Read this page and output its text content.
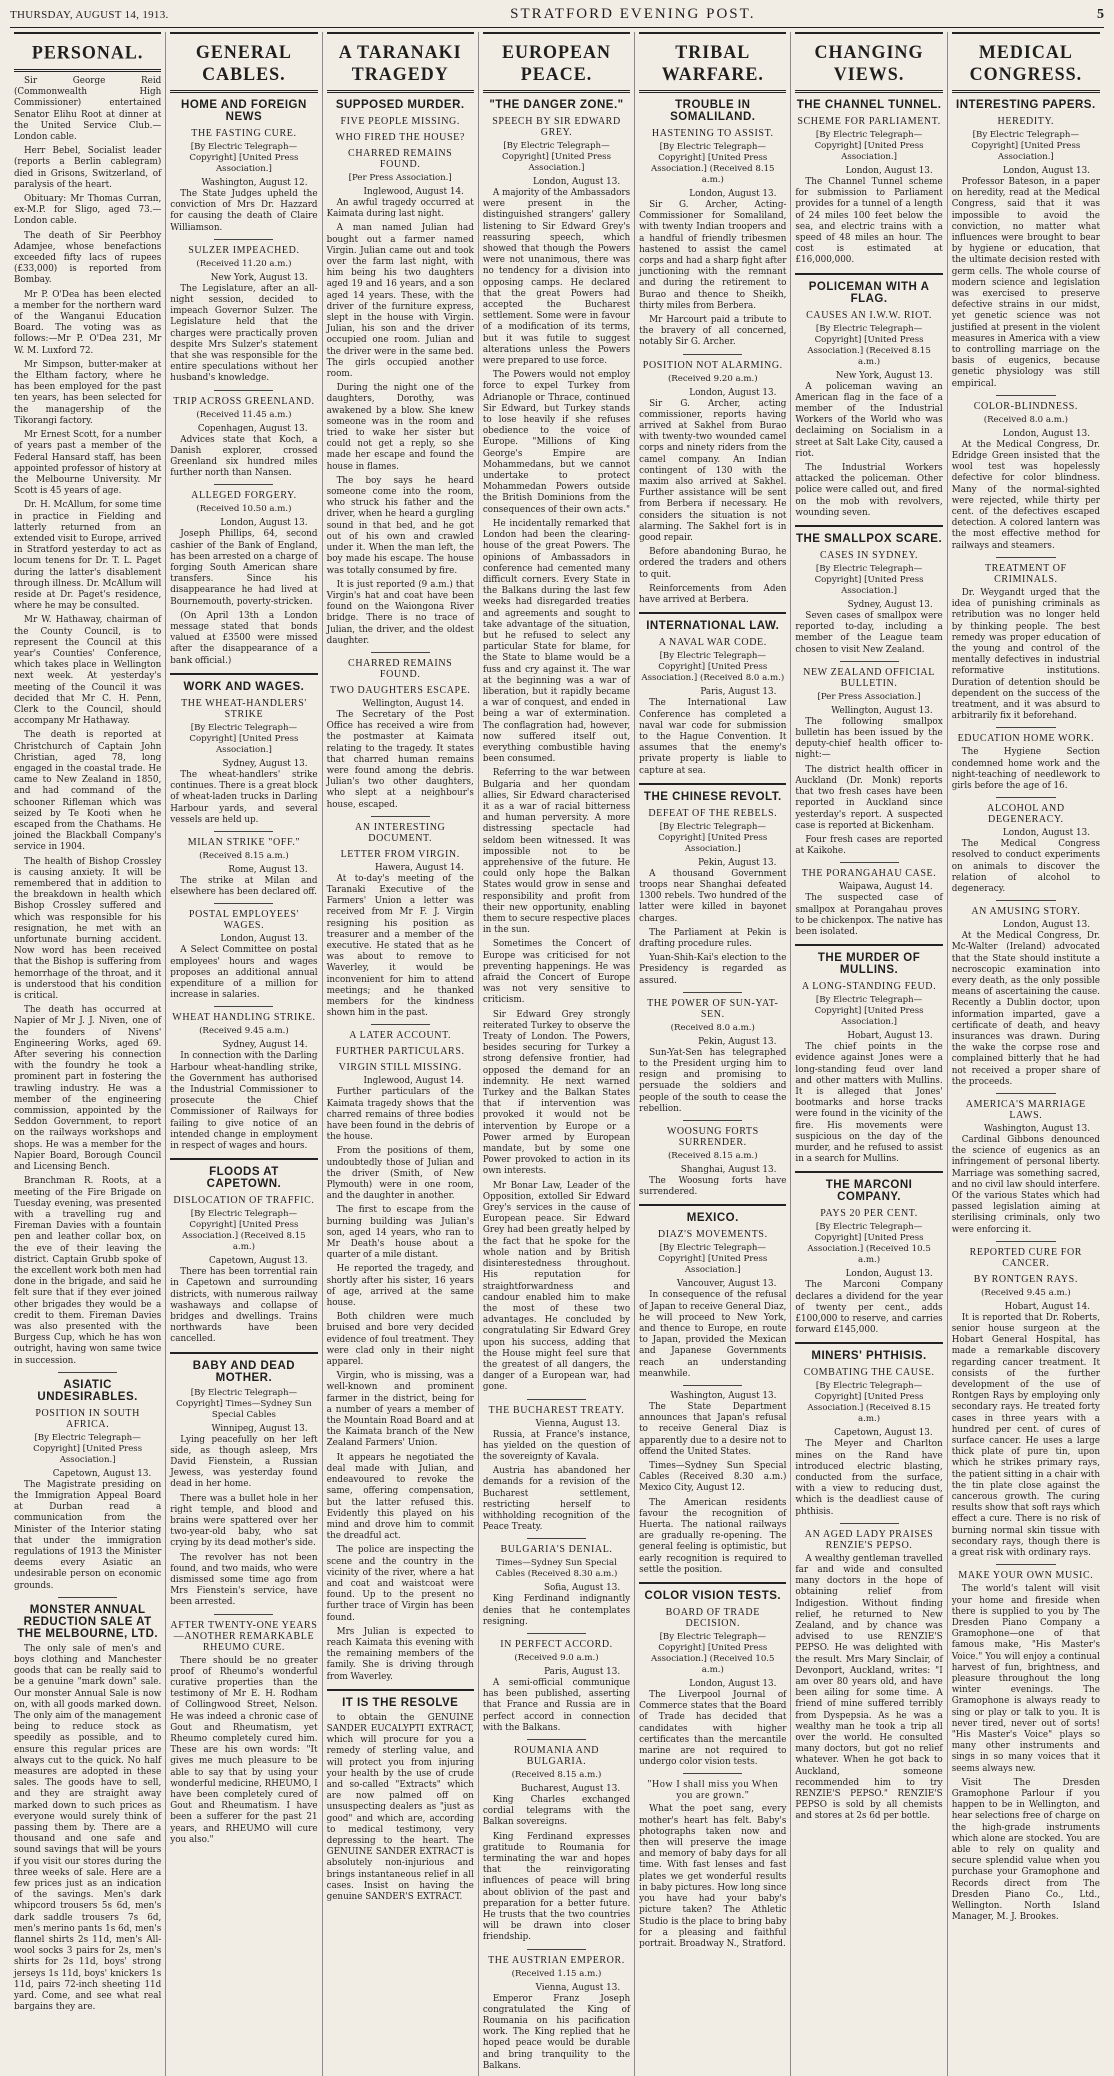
THURSDAY, AUGUST 14, 1913.	STRATFORD EVENING POST.	5
PERSONAL.

Sir George Reid (Commonwealth High Commissioner) entertained Senator Elihu Root at dinner at the United Service Club.—London cable.

Herr Bebel, Socialist leader (reports a Berlin cablegram) died in Grisons, Switzerland, of paralysis of the heart.

Obituary: Mr Thomas Curran, ex-M.P. for Sligo, aged 73.—London cable.

The death of Sir Peerbhoy Adamjee, whose benefactions exceeded fifty lacs of rupees (£33,000) is reported from Bombay.

Mr P. O'Dea has been elected a member for the northern ward of the Wanganui Education Board. The voting was as follows:—Mr P. O'Dea 231, Mr W. M. Luxford 72.

Mr Simpson, butter-maker at the Eltham factory, where he has been employed for the past ten years, has been selected for the managership of the Tikorangi factory.

Mr Ernest Scott, for a number of years past a member of the Federal Hansard staff, has been appointed professor of history at the Melbourne University. Mr Scott is 45 years of age.

Dr. H. McAllum, for some time in practice in Fielding and latterly returned from an extended visit to Europe, arrived in Stratford yesterday to act as locum tenens for Dr. T. L. Paget during the latter's disablement through illness. Dr. McAllum will reside at Dr. Paget's residence, where he may be consulted.

Mr W. Hathaway, chairman of the County Council, is to represent the Council at this year's Counties' Conference, which takes place in Wellington next week. At yesterday's meeting of the Council it was decided that Mr C. H. Penn, Clerk to the Council, should accompany Mr Hathaway.

The death is reported at Christchurch of Captain John Christian, aged 78, long engaged in the coastal trade. He came to New Zealand in 1850, and had command of the schooner Rifleman which was seized by Te Kooti when he escaped from the Chathams. He joined the Blackball Company's service in 1904.

The health of Bishop Crossley is causing anxiety. It will be remembered that in addition to the breakdown in health which Bishop Crossley suffered and which was responsible for his resignation, he met with an unfortunate burning accident. Now word has been received that the Bishop is suffering from hemorrhage of the throat, and it is understood that his condition is critical.

The death has occurred at Napier of Mr J. J. Niven, one of the founders of Nivens' Engineering Works, aged 69. After severing his connection with the foundry he took a prominent part in fostering the trawling industry. He was a member of the engineering commission, appointed by the Seddon Government, to report on the railways workshops and shops. He was a member for the Napier Board, Borough Council and Licensing Bench.

Branchman R. Roots, at a meeting of the Fire Brigade on Tuesday evening, was presented with a travelling rug and Fireman Davies with a fountain pen and leather collar box, on the eve of their leaving the district. Captain Grubb spoke of the excellent work both men had done in the brigade, and said he felt sure that if they ever joined other brigades they would be a credit to them. Fireman Davies was also presented with the Burgess Cup, which he has won outright, having won same twice in succession.

ASIATIC UNDESIRABLES.
POSITION IN SOUTH AFRICA.
[By Electric Telegraph—Copyright] [United Press Association.]
Capetown, August 13.

The Magistrate presiding on the Immigration Appeal Board at Durban read a communication from the Minister of the Interior stating that under the immigration regulations of 1913 the Minister deems every Asiatic an undesirable person on economic grounds.

MONSTER ANNUAL REDUCTION SALE AT THE MELBOURNE, LTD.

The only sale of men's and boys clothing and Manchester goods that can be really said to be a genuine "mark down" sale. Our monster Annual Sale is now on, with all goods marked down. The only aim of the management being to reduce stock as speedily as possible, and to ensure this regular prices are always cut to the quick. No half measures are adopted in these sales. The goods have to sell, and they are straight away marked down to such prices as everyone would surely think of passing them by. There are a thousand and one safe and sound savings that will be yours if you visit our stores during the three weeks of sale. Here are a few prices just as an indication of the savings. Men's dark whipcord trousers 5s 6d, men's dark saddle trousers 7s 6d, men's merino pants 1s 6d, men's flannel shirts 2s 11d, men's All-wool socks 3 pairs for 2s, men's shirts for 2s 11d, boys' strong jerseys 1s 11d, boys' knickers 1s 11d, pairs 72-inch sheeting 11d yard. Come, and see what real bargains they are.

GENERAL CABLES.
HOME AND FOREIGN NEWS
THE FASTING CURE.
[By Electric Telegraph—Copyright] [United Press Association.]
Washington, August 12.

The State Judges upheld the conviction of Mrs Dr. Hazzard for causing the death of Claire Williamson.

SULZER IMPEACHED.
(Received 11.20 a.m.)
New York, August 13.

The Legislature, after an all-night session, decided to impeach Governor Sulzer. The Legislature held that the charges were practically proven despite Mrs Sulzer's statement that she was responsible for the entire speculations without her husband's knowledge.

TRIP ACROSS GREENLAND.
(Received 11.45 a.m.)
Copenhagen, August 13.

Advices state that Koch, a Danish explorer, crossed Greenland six hundred miles further north than Nansen.

ALLEGED FORGERY.
(Received 10.50 a.m.)
London, August 13.

Joseph Phillips, 64, second cashier of the Bank of England, has been arrested on a charge of forging South American share transfers. Since his disappearance he had lived at Bournemouth, poverty-stricken.

(On April 13th a London message stated that bonds valued at £3500 were missed after the disappearance of a bank official.)

WORK AND WAGES.
THE WHEAT-HANDLERS' STRIKE
[By Electric Telegraph—Copyright] [United Press Association.]
Sydney, August 13.

The wheat-handlers' strike continues. There is a great block of wheat-laden trucks in Darling Harbour yards, and several vessels are held up.

MILAN STRIKE "OFF."
(Received 8.15 a.m.)
Rome, August 13.

The strike at Milan and elsewhere has been declared off.

POSTAL EMPLOYEES' WAGES.
London, August 13.

A Select Committee on postal employees' hours and wages proposes an additional annual expenditure of a million for increase in salaries.

WHEAT HANDLING STRIKE.
(Received 9.45 a.m.)
Sydney, August 14.

In connection with the Darling Harbour wheat-handling strike, the Government has authorised the Industrial Commissioner to prosecute the Chief Commissioner of Railways for failing to give notice of an intended change in employment in respect of wages and hours.

FLOODS AT CAPETOWN.
DISLOCATION OF TRAFFIC.
[By Electric Telegraph—Copyright] [United Press Association.] (Received 8.15 a.m.)
Capetown, August 13.

There has been torrential rain in Capetown and surrounding districts, with numerous railway washaways and collapse of bridges and dwellings. Trains northwards have been cancelled.

BABY AND DEAD MOTHER.
[By Electric Telegraph—Copyright] Times—Sydney Sun Special Cables
Winnipeg, August 13.

Lying peacefully on her left side, as though asleep, Mrs David Fienstein, a Russian Jewess, was yesterday found dead in her home.

There was a bullet hole in her right temple, and blood and brains were spattered over her two-year-old baby, who sat crying by its dead mother's side.

The revolver has not been found, and two maids, who were dismissed some time ago from Mrs Fienstein's service, have been arrested.

AFTER TWENTY-ONE YEARS—ANOTHER REMARKABLE RHEUMO CURE.

There should be no greater proof of Rheumo's wonderful curative properties than the testimony of Mr E. H. Rodham of Collingwood Street, Nelson. He was indeed a chronic case of Gout and Rheumatism, yet Rheumo completely cured him. These are his own words: "It gives me much pleasure to be able to say that by using your wonderful medicine, RHEUMO, I have been completely cured of Gout and Rheumatism. I have been a sufferer for the past 21 years, and RHEUMO will cure you also."

A TARANAKI TRAGEDY
SUPPOSED MURDER.
FIVE PEOPLE MISSING.
WHO FIRED THE HOUSE?
CHARRED REMAINS FOUND.
[Per Press Association.]
Inglewood, August 14.

An awful tragedy occurred at Kaimata during last night.

A man named Julian had bought out a farmer named Virgin. Julian came out and took over the farm last night, with him being his two daughters aged 19 and 16 years, and a son aged 14 years. These, with the driver of the furniture express, slept in the house with Virgin. Julian, his son and the driver occupied one room. Julian and the driver were in the same bed. The girls occupied another room.

During the night one of the daughters, Dorothy, was awakened by a blow. She knew someone was in the room and tried to wake her sister but could not get a reply, so she made her escape and found the house in flames.

The boy says he heard someone come into the room, who struck his father and the driver, when he heard a gurgling sound in that bed, and he got out of his own and crawled under it. When the man left, the boy made his escape. The house was totally consumed by fire.

It is just reported (9 a.m.) that Virgin's hat and coat have been found on the Waiongona River bridge. There is no trace of Julian, the driver, and the oldest daughter.

CHARRED REMAINS FOUND.
TWO DAUGHTERS ESCAPE.
Wellington, August 14.

The Secretary of the Post Office has received a wire from the postmaster at Kaimata relating to the tragedy. It states that charred human remains were found among the debris. Julian's two other daughters, who slept at a neighbour's house, escaped.

AN INTERESTING DOCUMENT.
LETTER FROM VIRGIN.
Hawera, August 14.

At to-day's meeting of the Taranaki Executive of the Farmers' Union a letter was received from Mr F. J. Virgin resigning his position as treasurer and a member of the executive. He stated that as he was about to remove to Waverley, it would be inconvenient for him to attend meetings; and he thanked members for the kindness shown him in the past.

A LATER ACCOUNT.
FURTHER PARTICULARS.
VIRGIN STILL MISSING.
Inglewood, August 14.

Further particulars of the Kaimata tragedy shows that the charred remains of three bodies have been found in the debris of the house.

From the positions of them, undoubtedly those of Julian and the driver (Smith, of New Plymouth) were in one room, and the daughter in another.

The first to escape from the burning building was Julian's son, aged 14 years, who ran to Mr Death's house about a quarter of a mile distant.

He reported the tragedy, and shortly after his sister, 16 years of age, arrived at the same house.

Both children were much bruised and bore very decided evidence of foul treatment. They were clad only in their night apparel.

Virgin, who is missing, was a well-known and prominent farmer in the district, being for a number of years a member of the Mountain Road Board and at the Kaimata branch of the New Zealand Farmers' Union.

It appears he negotiated the deal made with Julian, and endeavoured to revoke the same, offering compensation, but the latter refused this. Evidently this played on his mind and drove him to commit the dreadful act.

The police are inspecting the scene and the country in the vicinity of the river, where a hat and coat and waistcoat were found. Up to the present no further trace of Virgin has been found.

Mrs Julian is expected to reach Kaimata this evening with the remaining members of the family. She is driving through from Waverley.

IT IS THE RESOLVE

to obtain the GENUINE SANDER EUCALYPTI EXTRACT, which will procure for you a remedy of sterling value, and will protect you from injuring your health by the use of crude and so-called "Extracts" which are now palmed off on unsuspecting dealers as "just as good" and which are, according to medical testimony, very depressing to the heart. The GENUINE SANDER EXTRACT is absolutely non-injurious and brings instantaneous relief in all cases. Insist on having the genuine SANDER'S EXTRACT.

EUROPEAN PEACE.
"THE DANGER ZONE."
SPEECH BY SIR EDWARD GREY.
[By Electric Telegraph—Copyright] [United Press Association.]
London, August 13.

A majority of the Ambassadors were present in the distinguished strangers' gallery listening to Sir Edward Grey's reassuring speech, which showed that though the Powers were not unanimous, there was no tendency for a division into opposing camps. He declared that the great Powers had accepted the Bucharest settlement. Some were in favour of a modification of its terms, but it was futile to suggest alterations unless the Powers were prepared to use force.

The Powers would not employ force to expel Turkey from Adrianople or Thrace, continued Sir Edward, but Turkey stands to lose heavily if she refuses obedience to the voice of Europe. "Millions of King George's Empire are Mohammedans, but we cannot undertake to protect Mohammedan Powers outside the British Dominions from the consequences of their own acts."

He incidentally remarked that London had been the clearing-house of the great Powers. The opinions of Ambassadors in conference had cemented many difficult corners. Every State in the Balkans during the last few weeks had disregarded treaties and agreements and sought to take advantage of the situation, but he refused to select any particular State for blame, for the State to blame would be a fuss and cry against it. The war at the beginning was a war of liberation, but it rapidly became a war of conquest, and ended in being a war of extermination. The conflagration had, however, now suffered itself out, everything combustible having been consumed.

Referring to the war between Bulgaria and her quondam allies, Sir Edward characterised it as a war of racial bitterness and human perversity. A more distressing spectacle had seldom been witnessed. It was impossible not to be apprehensive of the future. He could only hope the Balkan States would grow in sense and responsibility and profit from their new opportunity, enabling them to secure respective places in the sun.

Sometimes the Concert of Europe was criticised for not preventing happenings. He was afraid the Concert of Europe was not very sensitive to criticism.

Sir Edward Grey strongly reiterated Turkey to observe the Treaty of London. The Powers, besides securing for Turkey a strong defensive frontier, had opposed the demand for an indemnity. He next warned Turkey and the Balkan States that if intervention was provoked it would not be intervention by Europe or a Power armed by European mandate, but by some one Power provoked to action in its own interests.

Mr Bonar Law, Leader of the Opposition, extolled Sir Edward Grey's services in the cause of European peace. Sir Edward Grey had been greatly helped by the fact that he spoke for the whole nation and by British disinterestedness throughout. His reputation for straightforwardness and candour enabled him to make the most of these two advantages. He concluded by congratulating Sir Edward Grey upon his success, adding that the House might feel sure that the greatest of all dangers, the danger of a European war, had gone.

THE BUCHAREST TREATY.
Vienna, August 13.

Russia, at France's instance, has yielded on the question of the sovereignty of Kavala.

Austria has abandoned her demands for a revision of the Bucharest settlement, restricting herself to withholding recognition of the Peace Treaty.

BULGARIA'S DENIAL.
Times—Sydney Sun Special Cables (Received 8.30 a.m.)
Sofia, August 13.

King Ferdinand indignantly denies that he contemplates resigning.

IN PERFECT ACCORD.
(Received 9.0 a.m.)
Paris, August 13.

A semi-official communique has been published, asserting that France and Russia are in perfect accord in connection with the Balkans.

ROUMANIA AND BULGARIA.
(Received 8.15 a.m.)
Bucharest, August 13.

King Charles exchanged cordial telegrams with the Balkan sovereigns.

King Ferdinand expresses gratitude to Roumania for terminating the war and hopes that the reinvigorating influences of peace will bring about oblivion of the past and preparation for a better future. He trusts that the two countries will be drawn into closer friendship.

THE AUSTRIAN EMPEROR.
(Received 1.15 a.m.)
Vienna, August 13.

Emperor Franz Joseph congratulated the King of Roumania on his pacification work. The King replied that he hoped peace would be durable and bring tranquility to the Balkans.

TRIBAL WARFARE.
TROUBLE IN SOMALILAND.
HASTENING TO ASSIST.
[By Electric Telegraph—Copyright] [United Press Association.] (Received 8.15 a.m.)
London, August 13.

Sir G. Archer, Acting-Commissioner for Somaliland, with twenty Indian troopers and a handful of friendly tribesmen hastened to assist the camel corps and had a sharp fight after junctioning with the remnant and during the retirement to Burao and thence to Sheikh, thirty miles from Berbera.

Mr Harcourt paid a tribute to the bravery of all concerned, notably Sir G. Archer.

POSITION NOT ALARMING.
(Received 9.20 a.m.)
London, August 13.

Sir G. Archer, acting commissioner, reports having arrived at Sakhel from Burao with twenty-two wounded camel corps and ninety riders from the camel company. An Indian contingent of 130 with the maxim also arrived at Sakhel. Further assistance will be sent from Berbera if necessary. He considers the situation is not alarming. The Sakhel fort is in good repair.

Before abandoning Burao, he ordered the traders and others to quit.

Reinforcements from Aden have arrived at Berbera.

INTERNATIONAL LAW.
A NAVAL WAR CODE.
[By Electric Telegraph—Copyright] [United Press Association.] (Received 8.0 a.m.)
Paris, August 13.

The International Law Conference has completed a naval war code for submission to the Hague Convention. It assumes that the enemy's private property is liable to capture at sea.

THE CHINESE REVOLT.
DEFEAT OF THE REBELS.
[By Electric Telegraph—Copyright] [United Press Association.]
Pekin, August 13.

A thousand Government troops near Shanghai defeated 1300 rebels. Two hundred of the latter were killed in bayonet charges.

The Parliament at Pekin is drafting procedure rules.

Yuan-Shih-Kai's election to the Presidency is regarded as assured.

THE POWER OF SUN-YAT-SEN.
(Received 8.0 a.m.)
Pekin, August 13.

Sun-Yat-Sen has telegraphed to the President urging him to resign and promising to persuade the soldiers and people of the south to cease the rebellion.

WOOSUNG FORTS SURRENDER.
(Received 8.15 a.m.)
Shanghai, August 13.

The Woosung forts have surrendered.

MEXICO.
DIAZ'S MOVEMENTS.
[By Electric Telegraph—Copyright] [United Press Association.]
Vancouver, August 13.

In consequence of the refusal of Japan to receive General Diaz, he will proceed to New York, and thence to Europe, en route to Japan, provided the Mexican and Japanese Governments reach an understanding meanwhile.

Washington, August 13.

The State Department announces that Japan's refusal to receive General Diaz is apparently due to a desire not to offend the United States.

Times—Sydney Sun Special Cables (Received 8.30 a.m.) Mexico City, August 12.

The American residents favour the recognition of Huerta. The national railways are gradually re-opening. The general feeling is optimistic, but early recognition is required to settle the position.

COLOR VISION TESTS.
BOARD OF TRADE DECISION.
[By Electric Telegraph—Copyright] [United Press Association.] (Received 10.5 a.m.)
London, August 13.

The Liverpool Journal of Commerce states that the Board of Trade has decided that candidates with higher certificates than the mercantile marine are not required to undergo color vision tests.

"How I shall miss you When you are grown."

What the poet sang, every mother's heart has felt. Baby's photographs taken now and then will preserve the image and memory of baby days for all time. With fast lenses and fast plates we get wonderful results in baby pictures. How long since you have had your baby's picture taken? The Athletic Studio is the place to bring baby for a pleasing and faithful portrait. Broadway N., Stratford.

CHANGING VIEWS.
THE CHANNEL TUNNEL.
SCHEME FOR PARLIAMENT.
[By Electric Telegraph—Copyright] [United Press Association.]
London, August 13.

The Channel Tunnel scheme for submission to Parliament provides for a tunnel of a length of 24 miles 100 feet below the sea, and electric trains with a speed of 48 miles an hour. The cost is estimated at £16,000,000.

POLICEMAN WITH A FLAG.
CAUSES AN I.W.W. RIOT.
[By Electric Telegraph—Copyright] [United Press Association.] (Received 8.15 a.m.)
New York, August 13.

A policeman waving an American flag in the face of a member of the Industrial Workers of the World who was declaiming on Socialism in a street at Salt Lake City, caused a riot.

The Industrial Workers attacked the policeman. Other police were called out, and fired on the mob with revolvers, wounding seven.

THE SMALLPOX SCARE.
CASES IN SYDNEY.
[By Electric Telegraph—Copyright] [United Press Association.]
Sydney, August 13.

Seven cases of smallpox were reported to-day, including a member of the League team chosen to visit New Zealand.

NEW ZEALAND OFFICIAL BULLETIN.
[Per Press Association.]
Wellington, August 13.

The following smallpox bulletin has been issued by the deputy-chief health officer to-night:—

The district health officer in Auckland (Dr. Monk) reports that two fresh cases have been reported in Auckland since yesterday's report. A suspected case is reported at Bickenham.

Four fresh cases are reported at Kaikohe.

THE PORANGAHAU CASE.
Waipawa, August 14.

The suspected case of smallpox at Porangahau proves to be chickenpox. The native has been isolated.

THE MURDER OF MULLINS.
A LONG-STANDING FEUD.
[By Electric Telegraph—Copyright] [United Press Association.]
Hobart, August 13.

The chief points in the evidence against Jones were a long-standing feud over land and other matters with Mullins. It is alleged that Jones' bootmarks and horse tracks were found in the vicinity of the fire. His movements were suspicious on the day of the murder, and he refused to assist in a search for Mullins.

THE MARCONI COMPANY.
PAYS 20 PER CENT.
[By Electric Telegraph—Copyright] [United Press Association.] (Received 10.5 a.m.)
London, August 13.

The Marconi Company declares a dividend for the year of twenty per cent., adds £100,000 to reserve, and carries forward £145,000.

MINERS' PHTHISIS.
COMBATING THE CAUSE.
[By Electric Telegraph—Copyright] [United Press Association.] (Received 8.15 a.m.)
Capetown, August 13.

The Meyer and Charlton mines on the Rand have introduced electric blasting, conducted from the surface, with a view to reducing dust, which is the deadliest cause of phthisis.

AN AGED LADY PRAISES RENZIE'S PEPSO.

A wealthy gentleman travelled far and wide and consulted many doctors in the hope of obtaining relief from Indigestion. Without finding relief, he returned to New Zealand, and by chance was advised to use RENZIE'S PEPSO. He was delighted with the result. Mrs Mary Sinclair, of Devonport, Auckland, writes: "I am over 80 years old, and have been ailing for some time. A friend of mine suffered terribly from Dyspepsia. As he was a wealthy man he took a trip all over the world. He consulted many doctors, but got no relief whatever. When he got back to Auckland, someone recommended him to try RENZIE'S PEPSO." RENZIE'S PEPSO is sold by all chemists and stores at 2s 6d per bottle.

MEDICAL CONGRESS.
INTERESTING PAPERS.
HEREDITY.
[By Electric Telegraph—Copyright] [United Press Association.]
London, August 13.

Professor Bateson, in a paper on heredity, read at the Medical Congress, said that it was impossible to avoid the conviction, no matter what influences were brought to bear by hygiene or education, that the ultimate decision rested with germ cells. The whole course of modern science and legislation was exercised to preserve defective strains in our midst, yet genetic science was not justified at present in the violent measures in America with a view to controlling marriage on the basis of eugenics, because genetic physiology was still empirical.

COLOR-BLINDNESS.
(Received 8.0 a.m.)
London, August 13.

At the Medical Congress, Dr. Edridge Green insisted that the wool test was hopelessly defective for color blindness. Many of the normal-sighted were rejected, while thirty per cent. of the defectives escaped detection. A colored lantern was the most effective method for railways and steamers.

TREATMENT OF CRIMINALS.

Dr. Weygandt urged that the idea of punishing criminals as retribution was no longer held by thinking people. The best remedy was proper education of the young and control of the mentally defectives in industrial reformative institutions. Duration of detention should be dependent on the success of the treatment, and it was absurd to arbitrarily fix it beforehand.

EDUCATION HOME WORK.

The Hygiene Section condemned home work and the night-teaching of needlework to girls before the age of 16.

ALCOHOL AND DEGENERACY.
London, August 13.

The Medical Congress resolved to conduct experiments on animals to discover the relation of alcohol to degeneracy.

AN AMUSING STORY.
London, August 13.

At the Medical Congress, Dr. Mc-Walter (Ireland) advocated that the State should institute a necroscopic examination into every death, as the only possible means of ascertaining the cause. Recently a Dublin doctor, upon information imparted, gave a certificate of death, and heavy insurances was drawn. During the wake the corpse rose and complained bitterly that he had not received a proper share of the proceeds.

AMERICA'S MARRIAGE LAWS.
Washington, August 13.

Cardinal Gibbons denounced the science of eugenics as an infringement of personal liberty. Marriage was something sacred, and no civil law should interfere. Of the various States which had passed legislation aiming at sterilising criminals, only two were enforcing it.

REPORTED CURE FOR CANCER.
BY RONTGEN RAYS.
(Received 9.45 a.m.)
Hobart, August 14.

It is reported that Dr. Roberts, senior house surgeon at the Hobart General Hospital, has made a remarkable discovery regarding cancer treatment. It consists of the further development of the use of Rontgen Rays by employing only secondary rays. He treated forty cases in three years with a hundred per cent. of cures of surface cancer. He uses a large thick plate of pure tin, upon which he strikes primary rays, the patient sitting in a chair with the tin plate close against the cancerous growth. The curing results show that soft rays which effect a cure. There is no risk of burning normal skin tissue with secondary rays, though there is a great risk with ordinary rays.

MAKE YOUR OWN MUSIC.

The world's talent will visit your home and fireside when there is supplied to you by The Dresden Piano Company a Gramophone—one of that famous make, "His Master's Voice." You will enjoy a continual harvest of fun, brightness, and pleasure throughout the long winter evenings. The Gramophone is always ready to sing or play or talk to you. It is never tired, never out of sorts! "His Master's Voice" plays so many other instruments and sings in so many voices that it seems always new.

Visit The Dresden Gramophone Parlour if you happen to be in Wellington, and hear selections free of charge on the high-grade instruments which alone are stocked. You are able to rely on quality and secure splendid value when you purchase your Gramophone and Records direct from The Dresden Piano Co., Ltd., Wellington. North Island Manager, M. J. Brookes.
